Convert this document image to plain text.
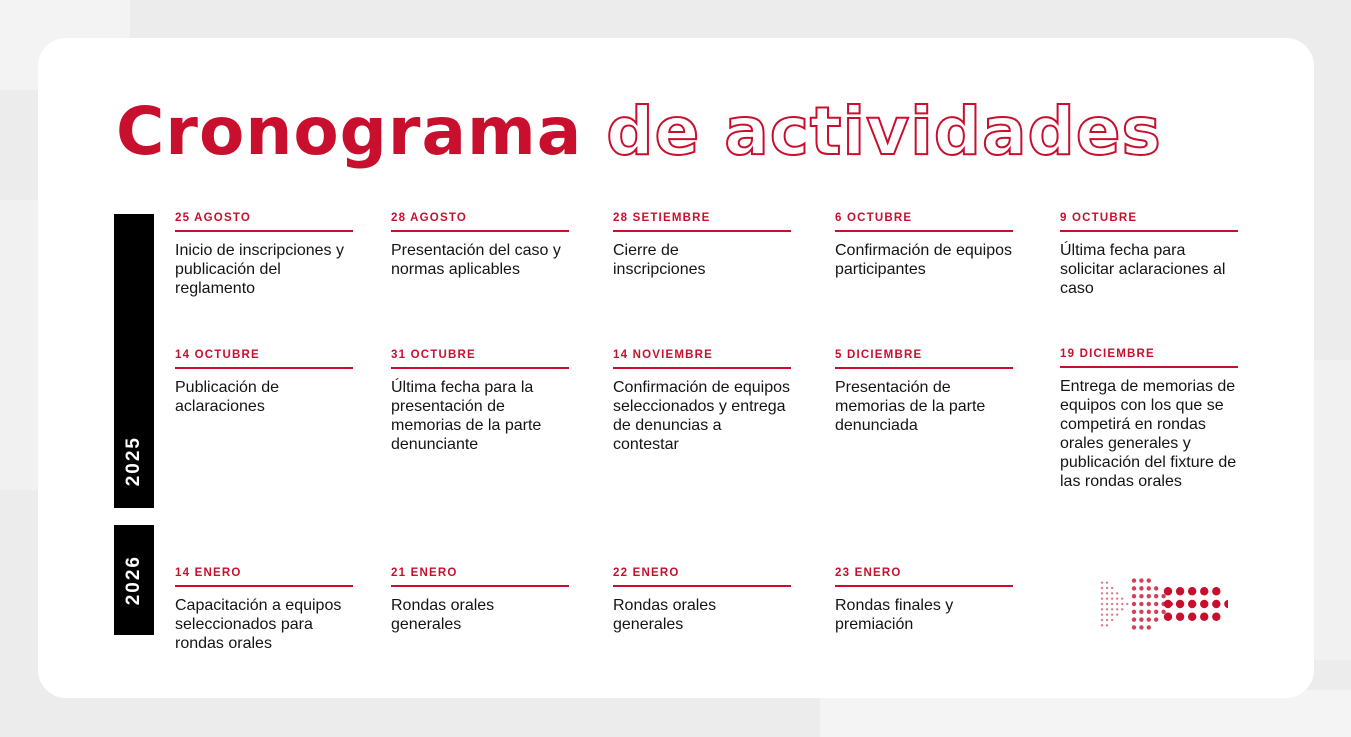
Cronograma de actividades
2025
2026
25 AGOSTO
Inicio de inscripciones y publicación del reglamento
28 AGOSTO
Presentación del caso y normas aplicables
28 SETIEMBRE
Cierre de inscripciones
6 OCTUBRE
Confirmación de equipos participantes
9 OCTUBRE
Última fecha para solicitar aclaraciones al caso
14 OCTUBRE
Publicación de aclaraciones
31 OCTUBRE
Última fecha para la presentación de memorias de la parte denunciante
14 NOVIEMBRE
Confirmación de equipos seleccionados y entrega de denuncias a contestar
5 DICIEMBRE
Presentación de memorias de la parte denunciada
19 DICIEMBRE
Entrega de memorias de equipos con los que se competirá en rondas orales generales y publicación del fixture de las rondas orales
14 ENERO
Capacitación a equipos seleccionados para rondas orales
21 ENERO
Rondas orales generales
22 ENERO
Rondas orales generales
23 ENERO
Rondas finales y premiación
